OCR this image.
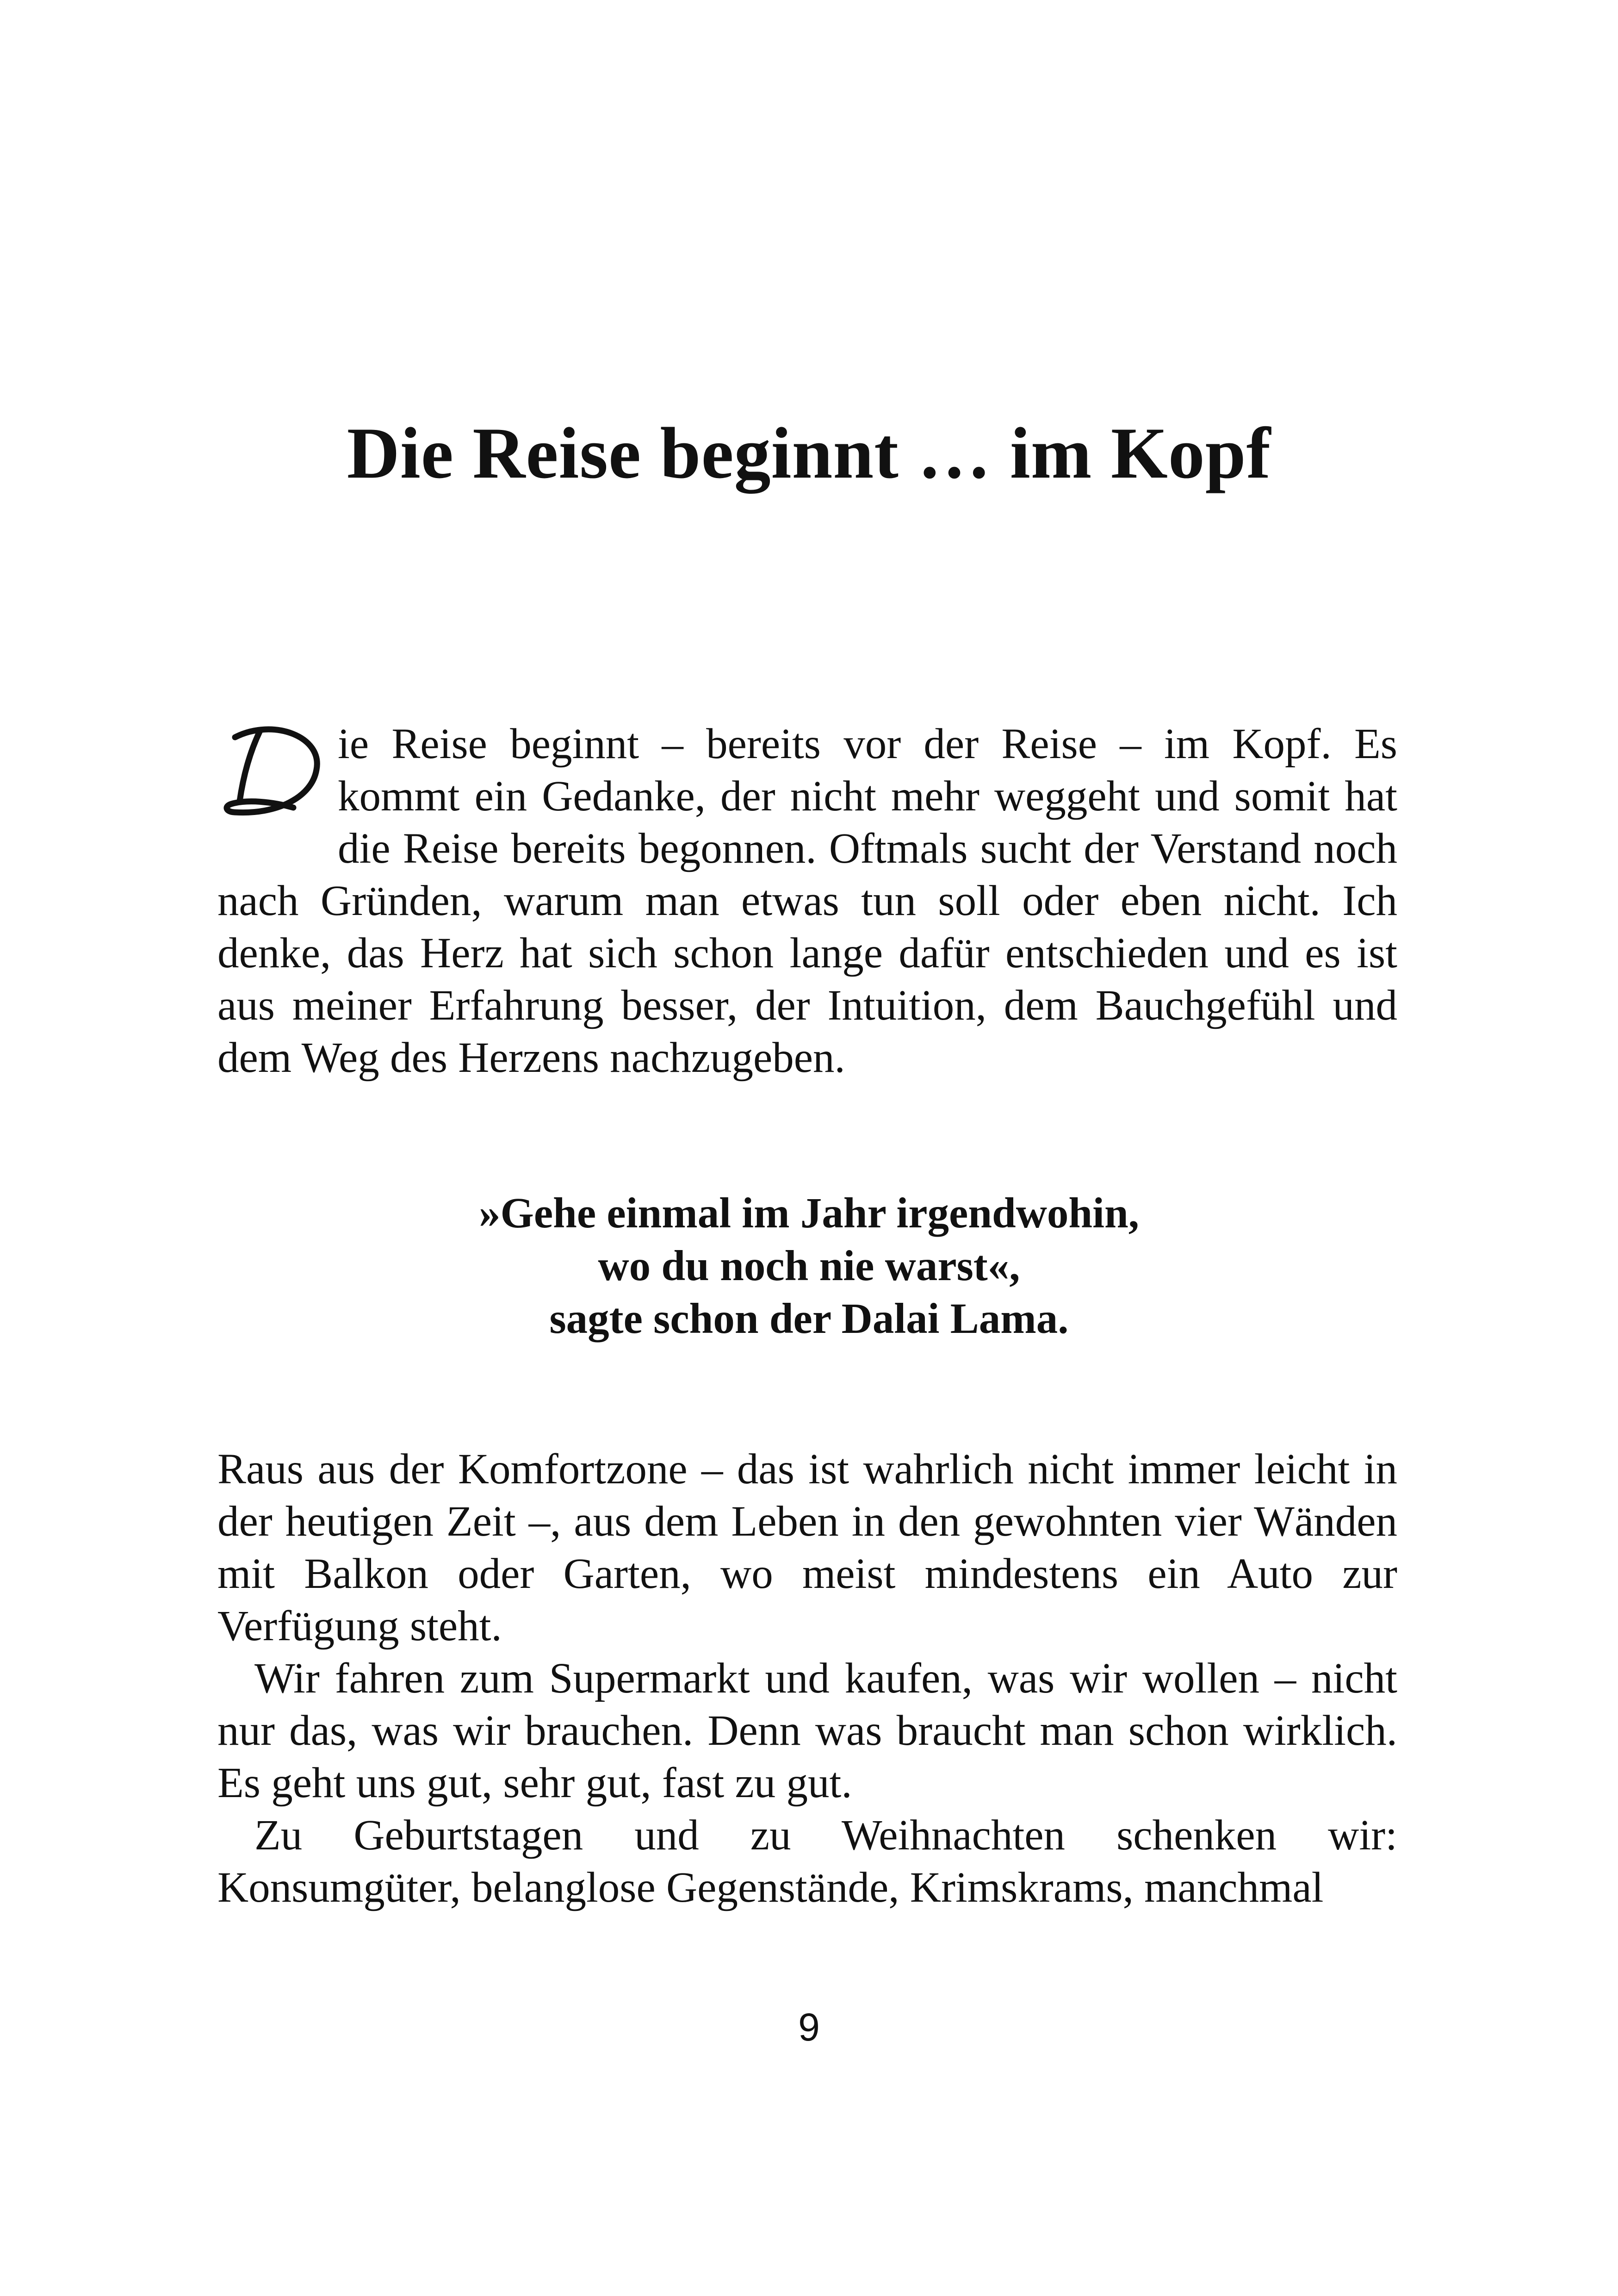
Die Reise beginnt … im Kopf

ie Reise beginnt – bereits vor der Reise – im Kopf. Es kommt ein Gedanke, der nicht mehr weggeht und somit hat die Reise bereits begonnen. Oftmals sucht der Verstand noch nach Gründen, warum man etwas tun soll oder eben nicht. Ich denke, das Herz hat sich schon lange dafür entschieden und es ist aus meiner Erfahrung besser, der Intuition, dem Bauchgefühl und dem Weg des Herzens nachzugeben.

»Gehe einmal im Jahr irgendwohin,
wo du noch nie warst«,
sagte schon der Dalai Lama.

Raus aus der Komfortzone – das ist wahrlich nicht immer leicht in der heutigen Zeit –, aus dem Leben in den gewohnten vier Wänden mit Balkon oder Garten, wo meist mindestens ein Auto zur Verfügung steht.

Wir fahren zum Supermarkt und kaufen, was wir wollen – nicht nur das, was wir brauchen. Denn was braucht man schon wirklich. Es geht uns gut, sehr gut, fast zu gut.

Zu Geburtstagen und zu Weihnachten schenken wir: Konsumgüter, belanglose Gegenstände, Krimskrams, manchmal

9
